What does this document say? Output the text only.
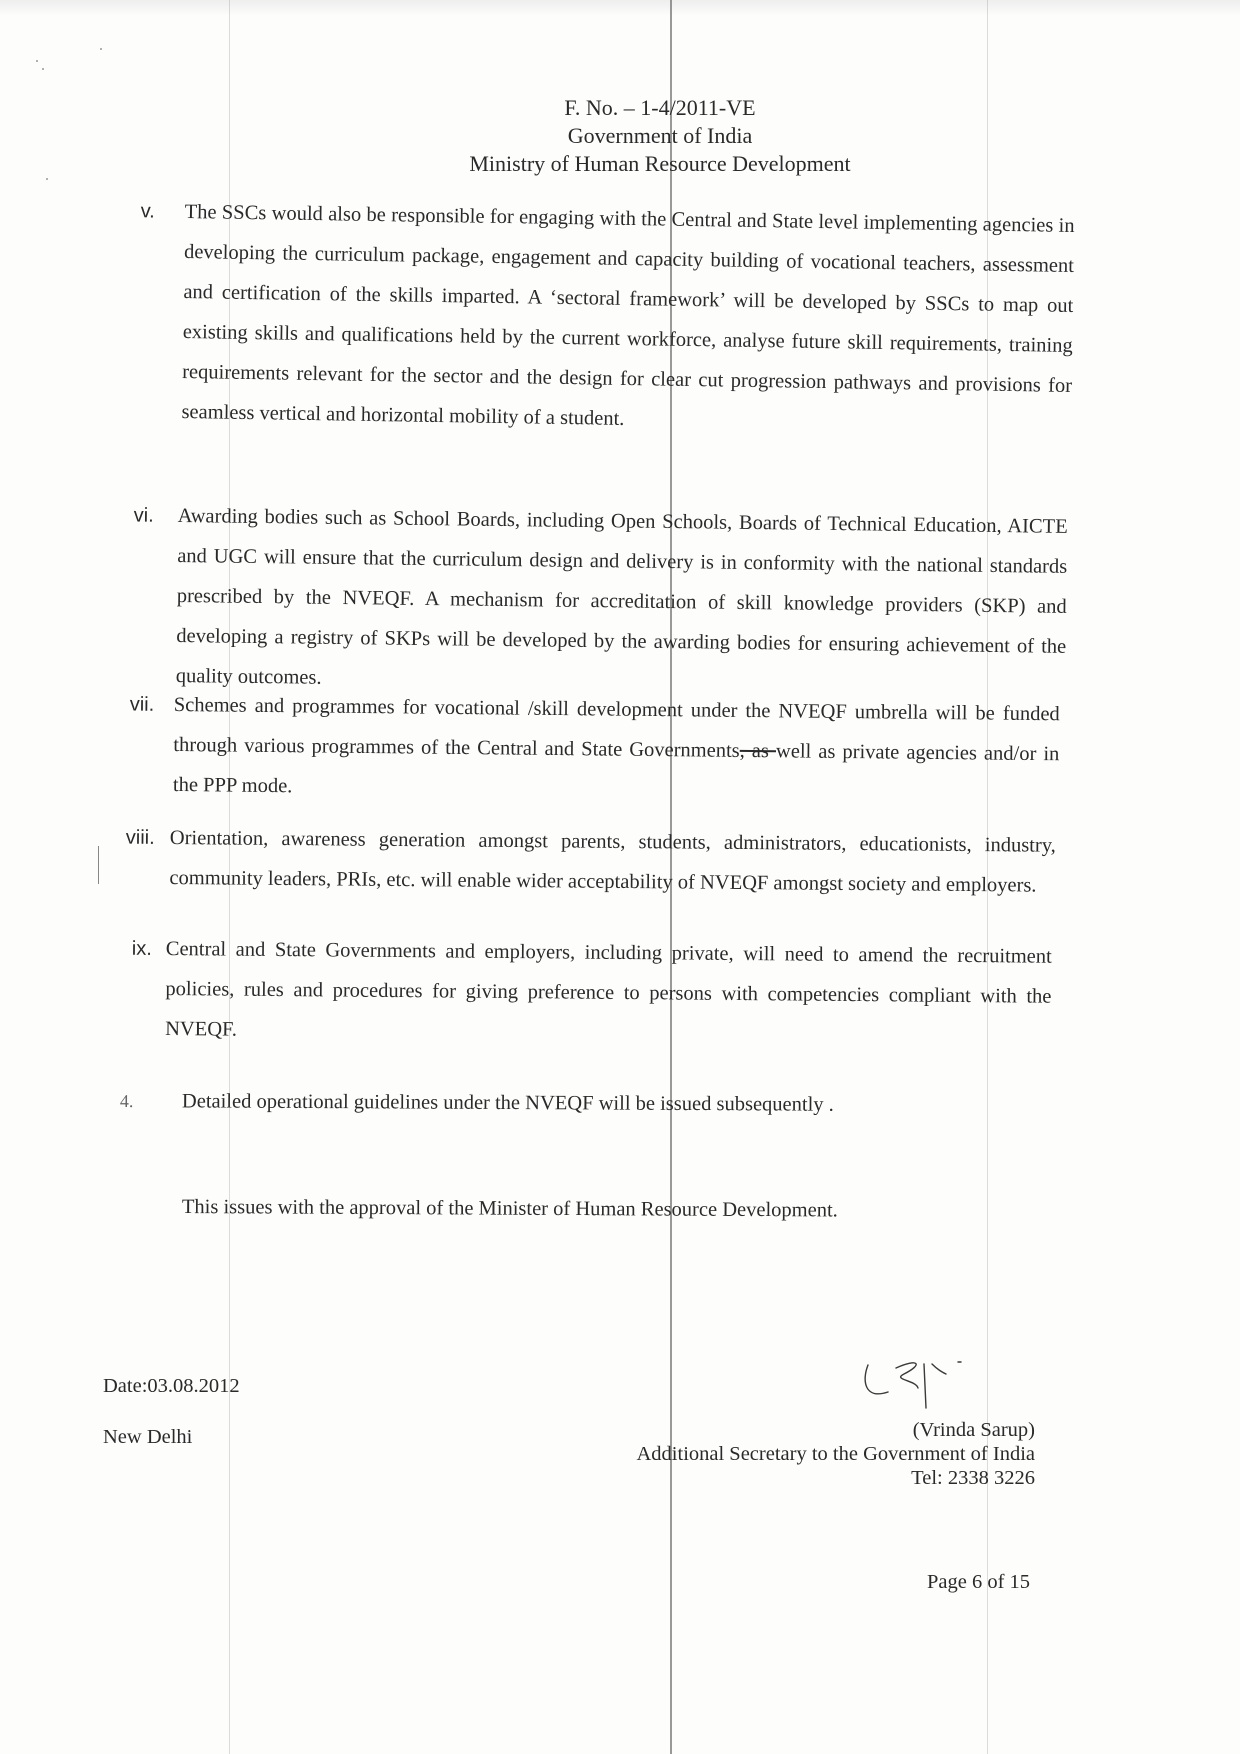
F. No. – 1-4/2011-VE
Government of India
Ministry of Human Resource Development
v. The SSCs would also be responsible for engaging with the Central and State level implementing agencies in developing the curriculum package, engagement and capacity building of vocational teachers, assessment and certification of the skills imparted. A ‘sectoral framework’ will be developed by SSCs to map out existing skills and qualifications held by the current workforce, analyse future skill requirements, training requirements relevant for the sector and the design for clear cut progression pathways and provisions for seamless vertical and horizontal mobility of a student.
vi. Awarding bodies such as School Boards, including Open Schools, Boards of Technical Education, AICTE and UGC will ensure that the curriculum design and delivery is in conformity with the national standards prescribed by the NVEQF. A mechanism for accreditation of skill knowledge providers (SKP) and developing a registry of SKPs will be developed by the awarding bodies for ensuring achievement of the quality outcomes.
vii. Schemes and programmes for vocational /skill development under the NVEQF umbrella will be funded through various programmes of the Central and State Governments, as well as private agencies and/or in the PPP mode.
viii. Orientation, awareness generation amongst parents, students, administrators, educationists, industry, community leaders, PRIs, etc. will enable wider acceptability of NVEQF amongst society and employers.
ix. Central and State Governments and employers, including private, will need to amend the recruitment policies, rules and procedures for giving preference to persons with competencies compliant with the NVEQF.
4. Detailed operational guidelines under the NVEQF will be issued subsequently .
This issues with the approval of the Minister of Human Resource Development.
Date:03.08.2012
New Delhi	(Vrinda Sarup)
Additional Secretary to the Government of India
Tel: 2338 3226
Page 6 of 15
